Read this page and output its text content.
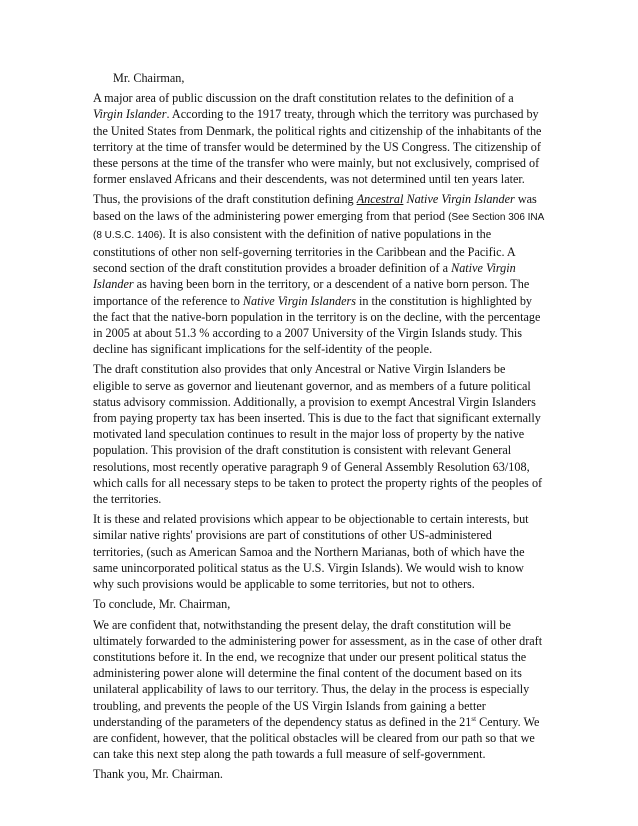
Mr. Chairman,

A major area of public discussion on the draft constitution relates to the definition of a Virgin Islander. According to the 1917 treaty, through which the territory was purchased by the United States from Denmark, the political rights and citizenship of the inhabitants of the territory at the time of transfer would be determined by the US Congress. The citizenship of these persons at the time of the transfer who were mainly, but not exclusively, comprised of former enslaved Africans and their descendents, was not determined until ten years later.

Thus, the provisions of the draft constitution defining Ancestral Native Virgin Islander was based on the laws of the administering power emerging from that period (See Section 306 INA (8 U.S.C. 1406). It is also consistent with the definition of native populations in the constitutions of other non self-governing territories in the Caribbean and the Pacific. A second section of the draft constitution provides a broader definition of a Native Virgin Islander as having been born in the territory, or a descendent of a native born person. The importance of the reference to Native Virgin Islanders in the constitution is highlighted by the fact that the native-born population in the territory is on the decline, with the percentage in 2005 at about 51.3 % according to a 2007 University of the Virgin Islands study. This decline has significant implications for the self-identity of the people.

The draft constitution also provides that only Ancestral or Native Virgin Islanders be eligible to serve as governor and lieutenant governor, and as members of a future political status advisory commission. Additionally, a provision to exempt Ancestral Virgin Islanders from paying property tax has been inserted. This is due to the fact that significant externally motivated land speculation continues to result in the major loss of property by the native population. This provision of the draft constitution is consistent with relevant General resolutions, most recently operative paragraph 9 of General Assembly Resolution 63/108, which calls for all necessary steps to be taken to protect the property rights of the peoples of the territories.

It is these and related provisions which appear to be objectionable to certain interests, but similar native rights' provisions are part of constitutions of other US-administered territories, (such as American Samoa and the Northern Marianas, both of which have the same unincorporated political status as the U.S. Virgin Islands). We would wish to know why such provisions would be applicable to some territories, but not to others.

To conclude, Mr. Chairman,

We are confident that, notwithstanding the present delay, the draft constitution will be ultimately forwarded to the administering power for assessment, as in the case of other draft constitutions before it. In the end, we recognize that under our present political status the administering power alone will determine the final content of the document based on its unilateral applicability of laws to our territory. Thus, the delay in the process is especially troubling, and prevents the people of the US Virgin Islands from gaining a better understanding of the parameters of the dependency status as defined in the 21st Century. We are confident, however, that the political obstacles will be cleared from our path so that we can take this next step along the path towards a full measure of self-government.

Thank you, Mr. Chairman.
